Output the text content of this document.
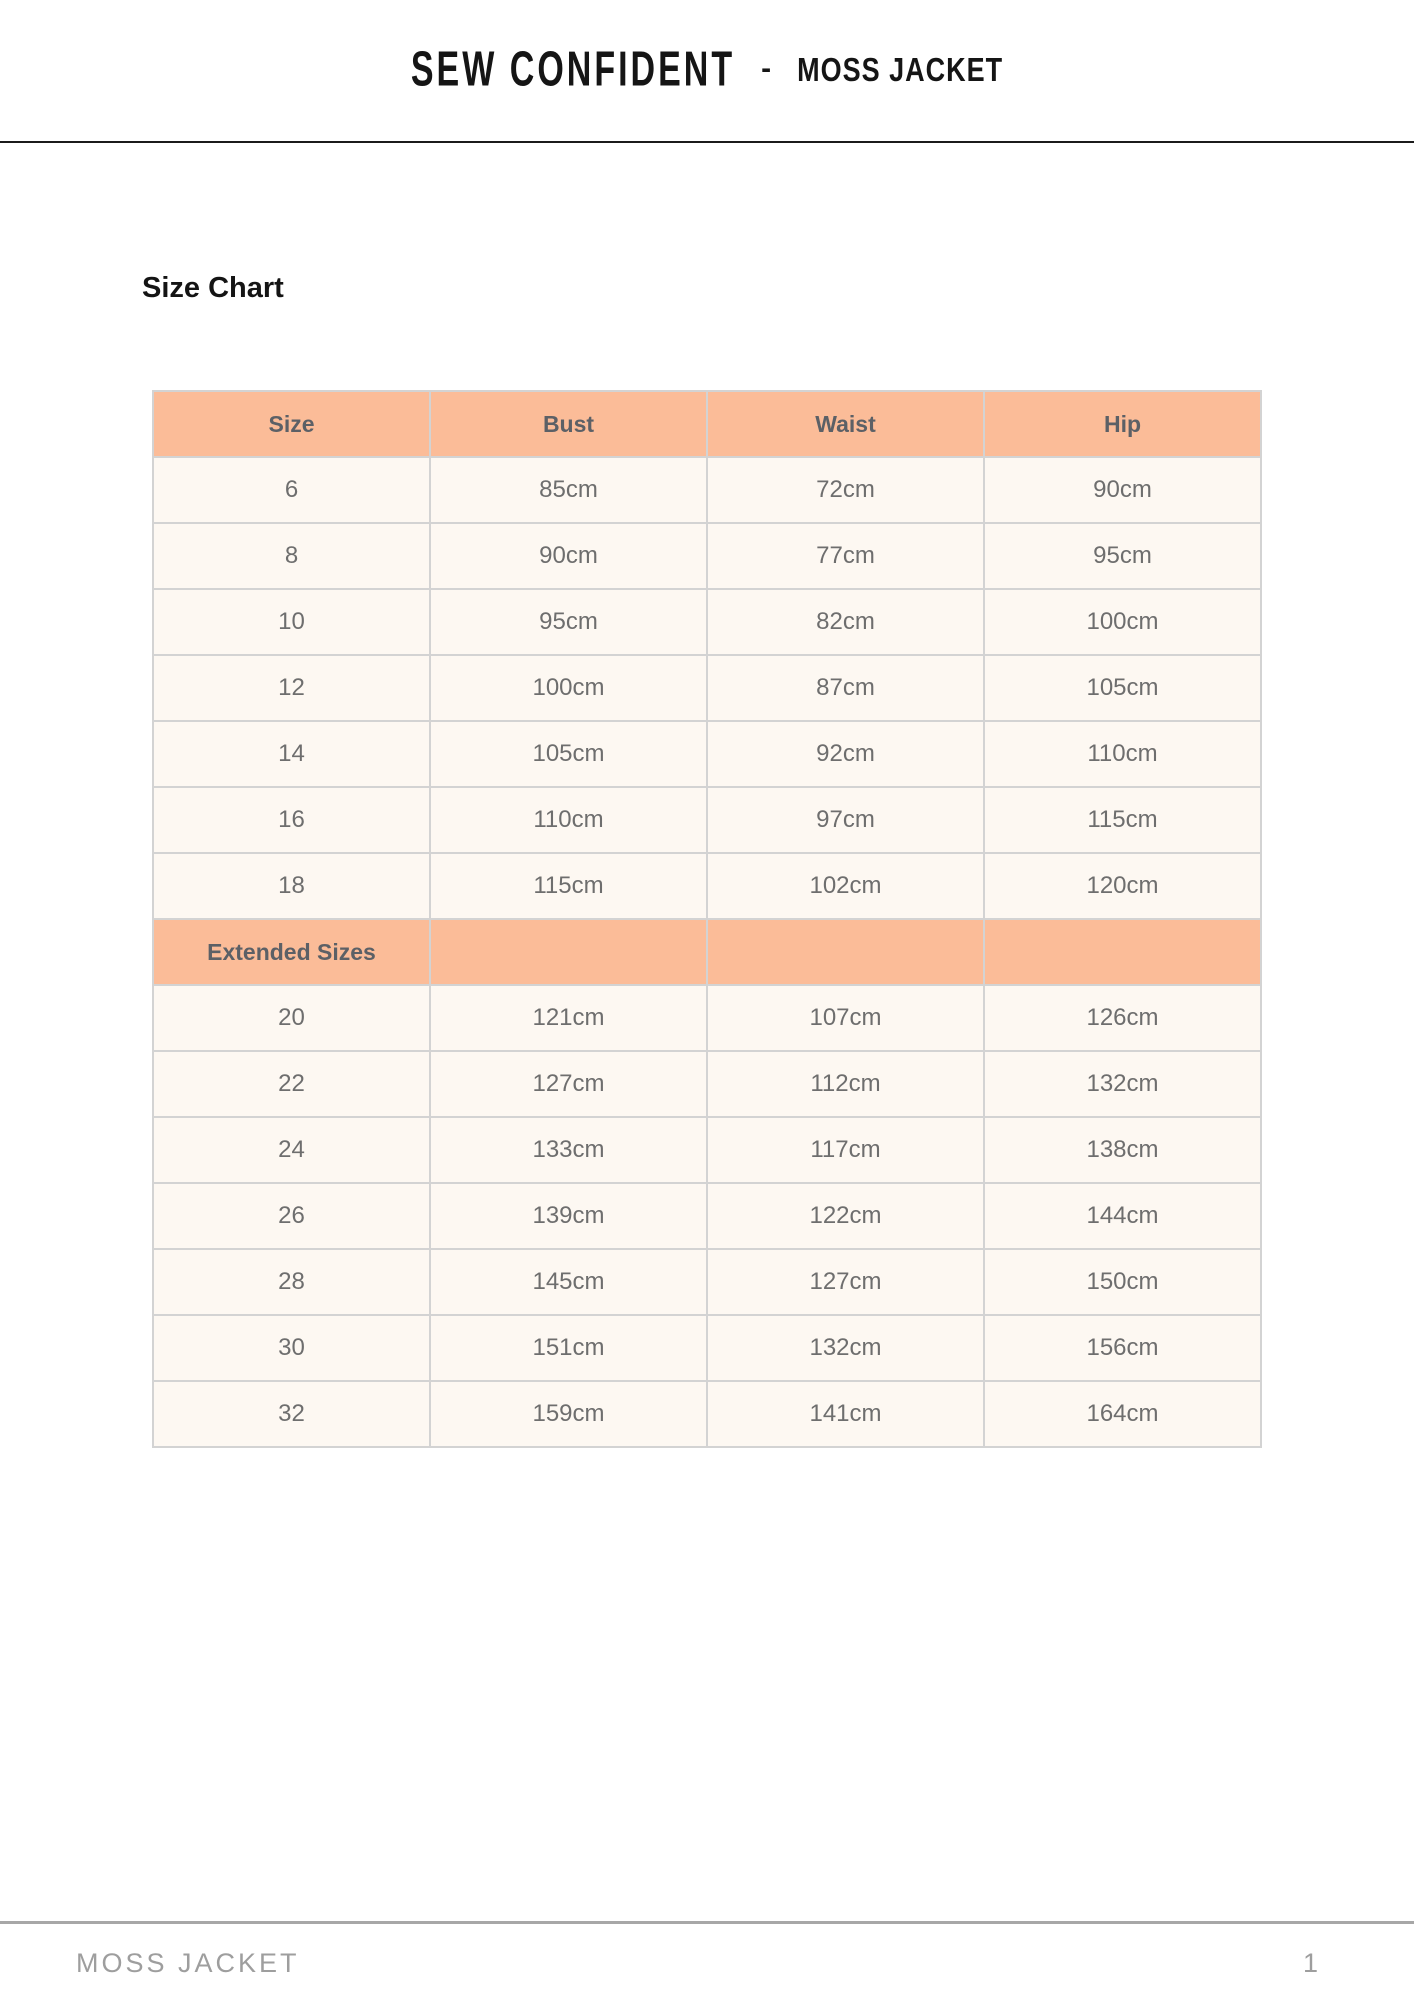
SEW CONFIDENT - MOSS JACKET
Size Chart
Size	Bust	Waist	Hip
6	85cm	72cm	90cm
8	90cm	77cm	95cm
10	95cm	82cm	100cm
12	100cm	87cm	105cm
14	105cm	92cm	110cm
16	110cm	97cm	115cm
18	115cm	102cm	120cm
Extended Sizes			
20	121cm	107cm	126cm
22	127cm	112cm	132cm
24	133cm	117cm	138cm
26	139cm	122cm	144cm
28	145cm	127cm	150cm
30	151cm	132cm	156cm
32	159cm	141cm	164cm
MOSS JACKET	1
